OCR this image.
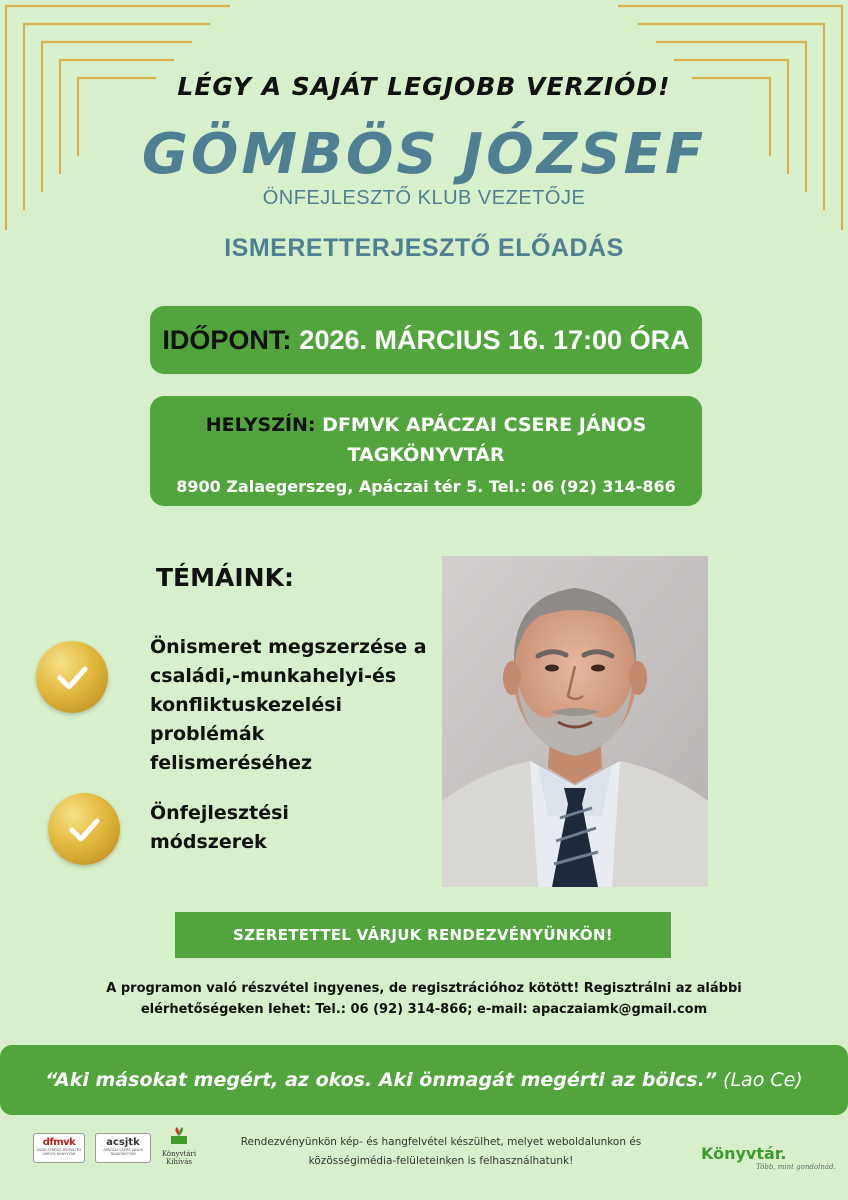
LÉGY A SAJÁT LEGJOBB VERZIÓD!
GÖMBÖS JÓZSEF
ÖNFEJLESZTŐ KLUB VEZETŐJE
ISMERETTERJESZTŐ ELŐADÁS
IDŐPONT: 2026. MÁRCIUS 16. 17:00 ÓRA
HELYSZÍN: DFMVK APÁCZAI CSERE JÁNOS
TAGKÖNYVTÁR
8900 Zalaegerszeg, Apáczai tér 5. Tel.: 06 (92) 314-866
TÉMÁINK:
Önismeret megszerzése a
családi,-munkahelyi-és
konfliktuskezelési
problémák felismeréséhez
Önfejlesztési
módszerek
SZERETETTEL VÁRJUK RENDEZVÉNYÜNKÖN!
A programon való részvétel ingyenes, de regisztrációhoz kötött! Regisztrálni az alábbi
elérhetőségeken lehet: Tel.: 06 (92) 314-866; e-mail: apaczaiamk@gmail.com
“Aki másokat megért, az okos. Aki önmagát megérti az bölcs.” (Lao Ce)
dfmvk
DEÁK FERENC MEGYEI ÉS VÁROSI KÖNYVTÁR
acsjtk
APÁCZAI CSERE JÁNOS TAGKÖNYVTÁR	Könyvtári
Kihívás
Rendezvényünkön kép- és hangfelvétel készülhet, melyet weboldalunkon és
közösségimédia-felületeinken is felhasználhatunk!	Könyvtár.
Több, mint gondolnád.
